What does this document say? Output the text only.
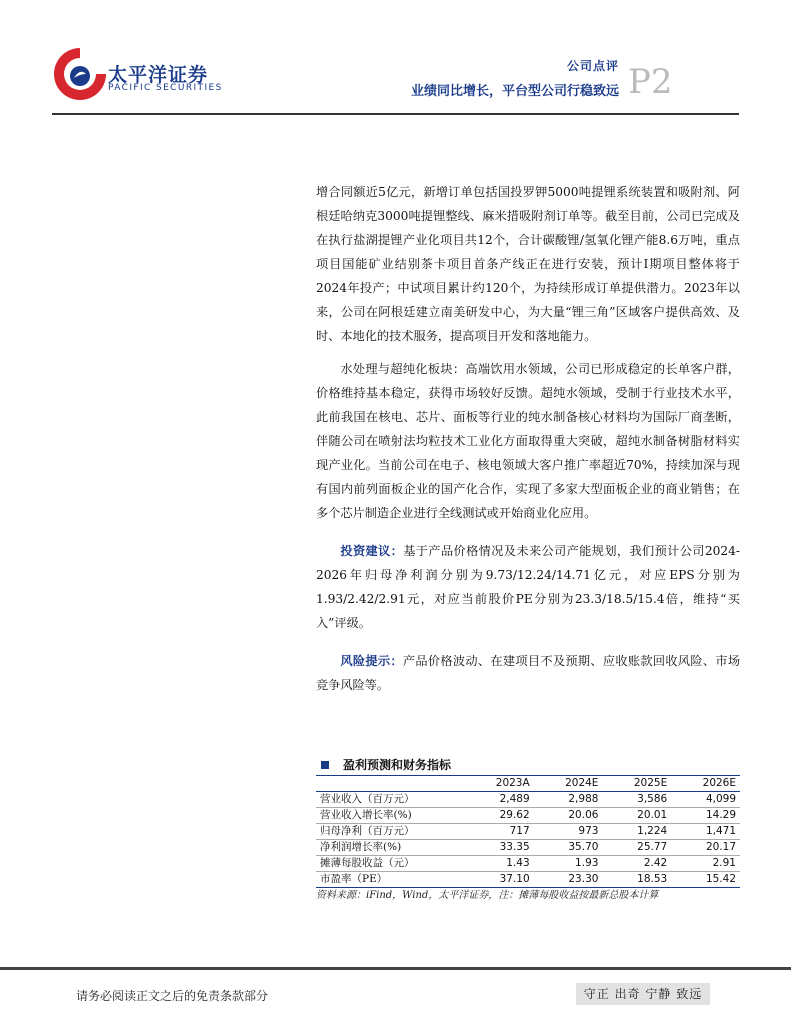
太平洋证券
PACIFIC SECURITIES
公司点评
业绩同比增长，平台型公司行稳致远 P2

增合同额近5亿元，新增订单包括国投罗钾5000吨提锂系统装置和吸附剂、阿根廷哈纳克3000吨提锂整线、麻米措吸附剂订单等。截至目前，公司已完成及在执行盐湖提锂产业化项目共12个，合计碳酸锂/氢氧化锂产能8.6万吨，重点项目国能矿业结别茶卡项目首条产线正在进行安装，预计I期项目整体将于2024年投产；中试项目累计约120个，为持续形成订单提供潜力。2023年以来，公司在阿根廷建立南美研发中心，为大量“锂三角”区域客户提供高效、及时、本地化的技术服务，提高项目开发和落地能力。

水处理与超纯化板块：高端饮用水领域，公司已形成稳定的长单客户群，价格维持基本稳定，获得市场较好反馈。超纯水领域，受制于行业技术水平，此前我国在核电、芯片、面板等行业的纯水制备核心材料均为国际厂商垄断，伴随公司在喷射法均粒技术工业化方面取得重大突破，超纯水制备树脂材料实现产业化。当前公司在电子、核电领域大客户推广率超近70%，持续加深与现有国内前列面板企业的国产化合作，实现了多家大型面板企业的商业销售；在多个芯片制造企业进行全线测试或开始商业化应用。

投资建议：基于产品价格情况及未来公司产能规划，我们预计公司2024-2026年归母净利润分别为9.73/12.24/14.71亿元，对应EPS分别为1.93/2.42/2.91元，对应当前股价PE分别为23.3/18.5/15.4倍，维持“买入”评级。

风险提示：产品价格波动、在建项目不及预期、应收账款回收风险、市场竞争风险等。

盈利预测和财务指标
	2023A	2024E	2025E	2026E
营业收入（百万元）	2,489	2,988	3,586	4,099
营业收入增长率(%)	29.62	20.06	20.01	14.29
归母净利（百万元）	717	973	1,224	1,471
净利润增长率(%)	33.35	35.70	25.77	20.17
摊薄每股收益（元）	1.43	1.93	2.42	2.91
市盈率（PE）	37.10	23.30	18.53	15.42
资料来源：iFind，Wind，太平洋证券，注：摊薄每股收益按最新总股本计算
请务必阅读正文之后的免责条款部分	守正 出奇 宁静 致远
